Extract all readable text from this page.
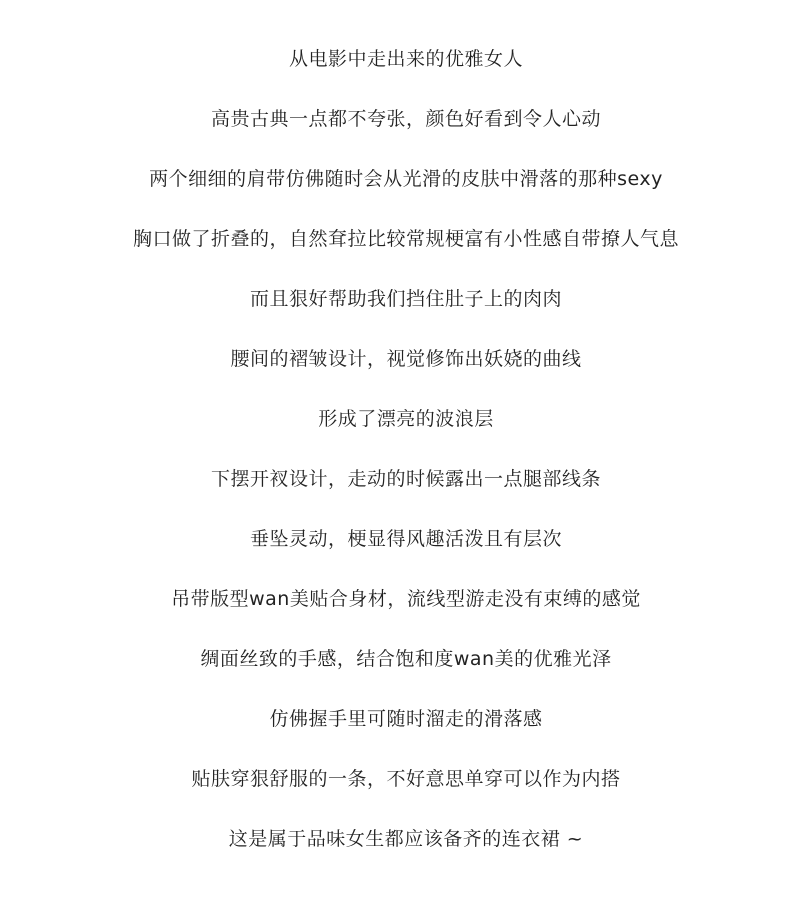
从电影中走出来的优雅女人
高贵古典一点都不夸张，颜色好看到令人心动
两个细细的肩带仿佛随时会从光滑的皮肤中滑落的那种sexy
胸口做了折叠的，自然耷拉比较常规梗富有小性感自带撩人气息
而且狠好帮助我们挡住肚子上的肉肉
腰间的褶皱设计，视觉修饰出妖娆的曲线
形成了漂亮的波浪层
下摆开衩设计，走动的时候露出一点腿部线条
垂坠灵动，梗显得风趣活泼且有层次
吊带版型wan美贴合身材，流线型游走没有束缚的感觉
绸面丝致的手感，结合饱和度wan美的优雅光泽
仿佛握手里可随时溜走的滑落感
贴肤穿狠舒服的一条，不好意思单穿可以作为内搭
这是属于品味女生都应该备齐的连衣裙 ~
